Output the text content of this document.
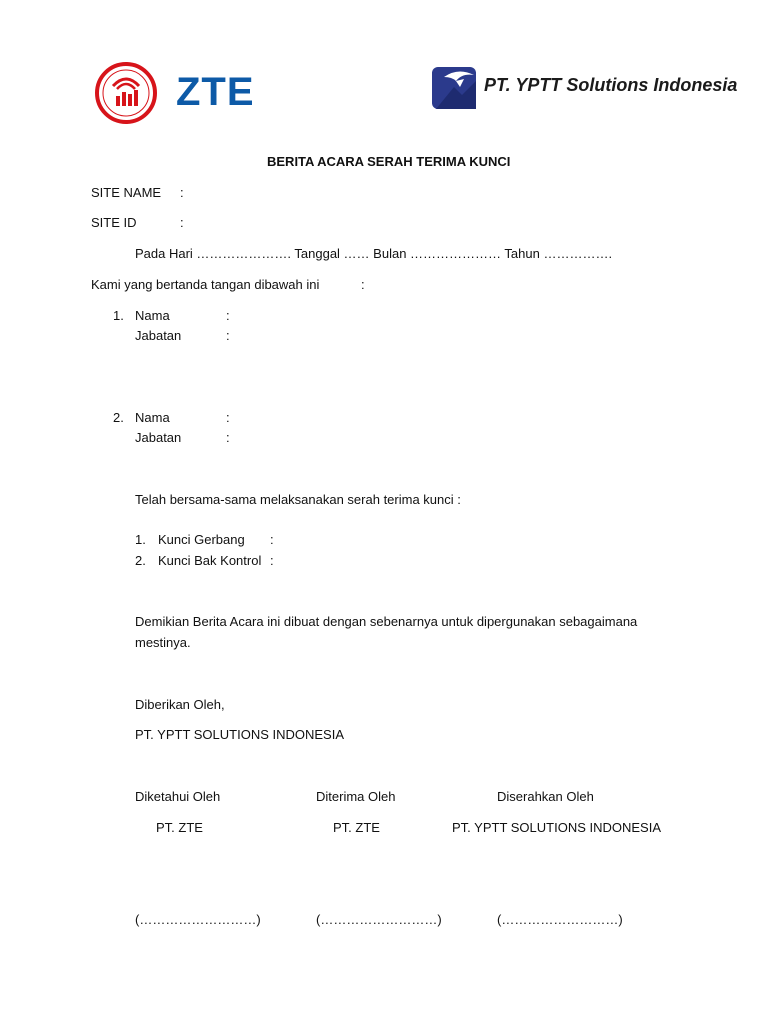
ZTE	PT. YPTT Solutions Indonesia
BERITA ACARA SERAH TERIMA KUNCI
SITE NAME :
SITE ID	:
Pada Hari …………………. Tanggal …… Bulan ………………… Tahun …………….
Kami yang bertanda tangan dibawah ini	:
1. Nama	:
Jabatan	:
2. Nama	:
Jabatan	:
Telah bersama-sama melaksanakan serah terima kunci :
1. Kunci Gerbang :
2. Kunci Bak Kontrol :
Demikian Berita Acara ini dibuat dengan sebenarnya untuk dipergunakan sebagaimana
mestinya.
Diberikan Oleh,
PT. YPTT SOLUTIONS INDONESIA
Diketahui Oleh	Diterima Oleh	Diserahkan Oleh
PT. ZTE	PT. ZTE	PT. YPTT SOLUTIONS INDONESIA
(………………………)	(………………………)	(………………………)
